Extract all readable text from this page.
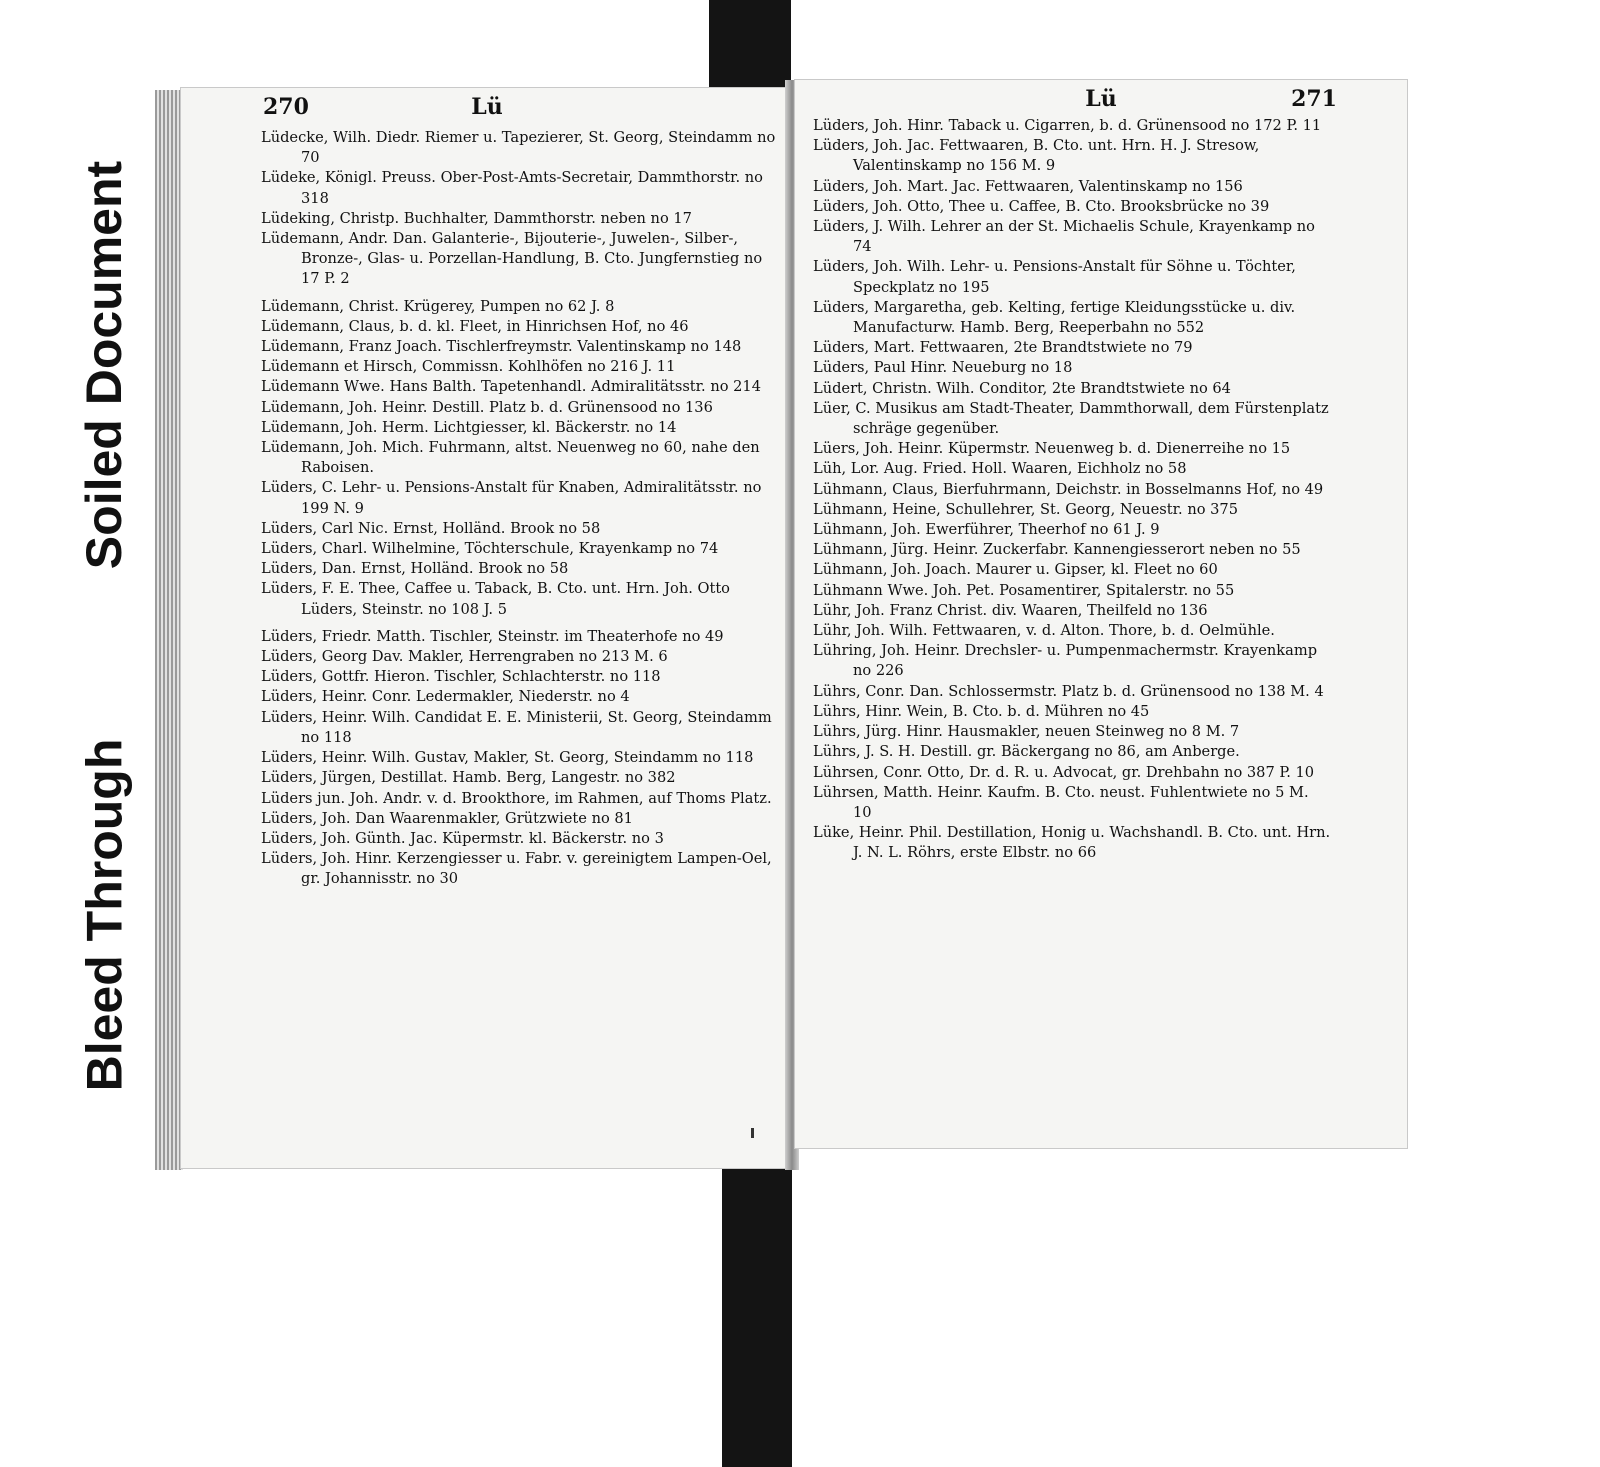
Soiled Document
Bleed Through
270	Lü
Lüdecke, Wilh. Diedr. Riemer u. Tapezierer, St. Georg, Steindamm no 70
Lüdeke, Königl. Preuss. Ober-Post-Amts-Secretair, Dammthorstr. no 318
Lüdeking, Christp. Buchhalter, Dammthorstr. neben no 17
Lüdemann, Andr. Dan. Galanterie-, Bijouterie-, Juwelen-, Silber-, Bronze-, Glas- u. Porzellan-Handlung, B. Cto. Jungfernstieg no 17 P. 2
Lüdemann, Christ. Krügerey, Pumpen no 62 J. 8
Lüdemann, Claus, b. d. kl. Fleet, in Hinrichsen Hof, no 46
Lüdemann, Franz Joach. Tischlerfreymstr. Valentinskamp no 148
Lüdemann et Hirsch, Commissn. Kohlhöfen no 216 J. 11
Lüdemann Wwe. Hans Balth. Tapetenhandl. Admiralitätsstr. no 214
Lüdemann, Joh. Heinr. Destill. Platz b. d. Grünensood no 136
Lüdemann, Joh. Herm. Lichtgiesser, kl. Bäckerstr. no 14
Lüdemann, Joh. Mich. Fuhrmann, altst. Neuenweg no 60, nahe den Raboisen.
Lüders, C. Lehr- u. Pensions-Anstalt für Knaben, Admiralitätsstr. no 199 N. 9
Lüders, Carl Nic. Ernst, Holländ. Brook no 58
Lüders, Charl. Wilhelmine, Töchterschule, Krayenkamp no 74
Lüders, Dan. Ernst, Holländ. Brook no 58
Lüders, F. E. Thee, Caffee u. Taback, B. Cto. unt. Hrn. Joh. Otto Lüders, Steinstr. no 108 J. 5
Lüders, Friedr. Matth. Tischler, Steinstr. im Theaterhofe no 49
Lüders, Georg Dav. Makler, Herrengraben no 213 M. 6
Lüders, Gottfr. Hieron. Tischler, Schlachterstr. no 118
Lüders, Heinr. Conr. Ledermakler, Niederstr. no 4
Lüders, Heinr. Wilh. Candidat E. E. Ministerii, St. Georg, Steindamm no 118
Lüders, Heinr. Wilh. Gustav, Makler, St. Georg, Steindamm no 118
Lüders, Jürgen, Destillat. Hamb. Berg, Langestr. no 382
Lüders jun. Joh. Andr. v. d. Brookthore, im Rahmen, auf Thoms Platz.
Lüders, Joh. Dan Waarenmakler, Grützwiete no 81
Lüders, Joh. Günth. Jac. Küpermstr. kl. Bäckerstr. no 3
Lüders, Joh. Hinr. Kerzengiesser u. Fabr. v. gereinigtem Lampen-Oel, gr. Johannisstr. no 30
Lü	271
Lüders, Joh. Hinr. Taback u. Cigarren, b. d. Grünensood no 172 P. 11
Lüders, Joh. Jac. Fettwaaren, B. Cto. unt. Hrn. H. J. Stresow, Valentinskamp no 156 M. 9
Lüders, Joh. Mart. Jac. Fettwaaren, Valentinskamp no 156
Lüders, Joh. Otto, Thee u. Caffee, B. Cto. Brooksbrücke no 39
Lüders, J. Wilh. Lehrer an der St. Michaelis Schule, Krayenkamp no 74
Lüders, Joh. Wilh. Lehr- u. Pensions-Anstalt für Söhne u. Töchter, Speckplatz no 195
Lüders, Margaretha, geb. Kelting, fertige Kleidungsstücke u. div. Manufacturw. Hamb. Berg, Reeperbahn no 552
Lüders, Mart. Fettwaaren, 2te Brandtstwiete no 79
Lüders, Paul Hinr. Neueburg no 18
Lüdert, Christn. Wilh. Conditor, 2te Brandtstwiete no 64
Lüer, C. Musikus am Stadt-Theater, Dammthorwall, dem Fürstenplatz schräge gegenüber.
Lüers, Joh. Heinr. Küpermstr. Neuenweg b. d. Dienerreihe no 15
Lüh, Lor. Aug. Fried. Holl. Waaren, Eichholz no 58
Lühmann, Claus, Bierfuhrmann, Deichstr. in Bosselmanns Hof, no 49
Lühmann, Heine, Schullehrer, St. Georg, Neuestr. no 375
Lühmann, Joh. Ewerführer, Theerhof no 61 J. 9
Lühmann, Jürg. Heinr. Zuckerfabr. Kannengiesserort neben no 55
Lühmann, Joh. Joach. Maurer u. Gipser, kl. Fleet no 60
Lühmann Wwe. Joh. Pet. Posamentirer, Spitalerstr. no 55
Lühr, Joh. Franz Christ. div. Waaren, Theilfeld no 136
Lühr, Joh. Wilh. Fettwaaren, v. d. Alton. Thore, b. d. Oelmühle.
Lühring, Joh. Heinr. Drechsler- u. Pumpenmachermstr. Krayenkamp no 226
Lührs, Conr. Dan. Schlossermstr. Platz b. d. Grünensood no 138 M. 4
Lührs, Hinr. Wein, B. Cto. b. d. Mühren no 45
Lührs, Jürg. Hinr. Hausmakler, neuen Steinweg no 8 M. 7
Lührs, J. S. H. Destill. gr. Bäckergang no 86, am Anberge.
Lührsen, Conr. Otto, Dr. d. R. u. Advocat, gr. Drehbahn no 387 P. 10
Lührsen, Matth. Heinr. Kaufm. B. Cto. neust. Fuhlentwiete no 5 M. 10
Lüke, Heinr. Phil. Destillation, Honig u. Wachshandl. B. Cto. unt. Hrn. J. N. L. Röhrs, erste Elbstr. no 66
